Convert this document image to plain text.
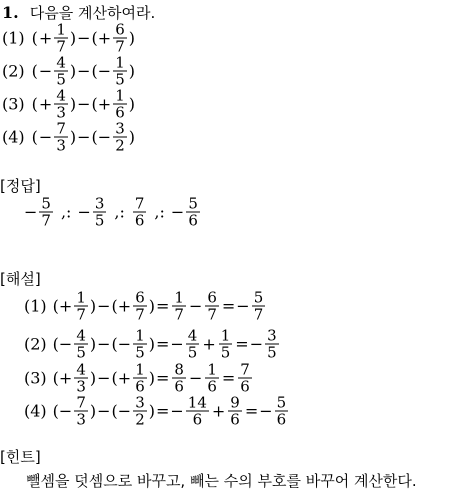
1. 다음을 계산하여라.
(1) ( + $\frac{1}{7}$ ) − ( + $\frac{6}{7}$ )
(2) ( − $\frac{4}{5}$ ) − ( − $\frac{1}{5}$ )
(3) ( + $\frac{4}{3}$ ) − ( + $\frac{1}{6}$ )
(4) ( − $\frac{7}{3}$ ) − ( − $\frac{3}{2}$ )
[정답]
− $\frac{5}{7}$ ,: − $\frac{3}{5}$ ,: $\frac{7}{6}$ ,: − $\frac{5}{6}$
[해설]
(1) ( + $\frac{1}{7}$ ) − ( + $\frac{6}{7}$ ) = $\frac{1}{7} - \frac{6}{7}$ = − $\frac{5}{7}$
(2) ( − $\frac{4}{5}$ ) − ( − $\frac{1}{5}$ ) = − $\frac{4}{5} + \frac{1}{5}$ = − $\frac{3}{5}$
(3) ( + $\frac{4}{3}$ ) − ( + $\frac{1}{6}$ ) = $\frac{8}{6} - \frac{1}{6} = \frac{7}{6}$
(4) ( − $\frac{7}{3}$ ) − ( − $\frac{3}{2}$ ) = − $\frac{14}{6} + \frac{9}{6}$ = − $\frac{5}{6}$
[힌트]
뺄셈을 덧셈으로 바꾸고, 빼는 수의 부호를 바꾸어 계산한다.
